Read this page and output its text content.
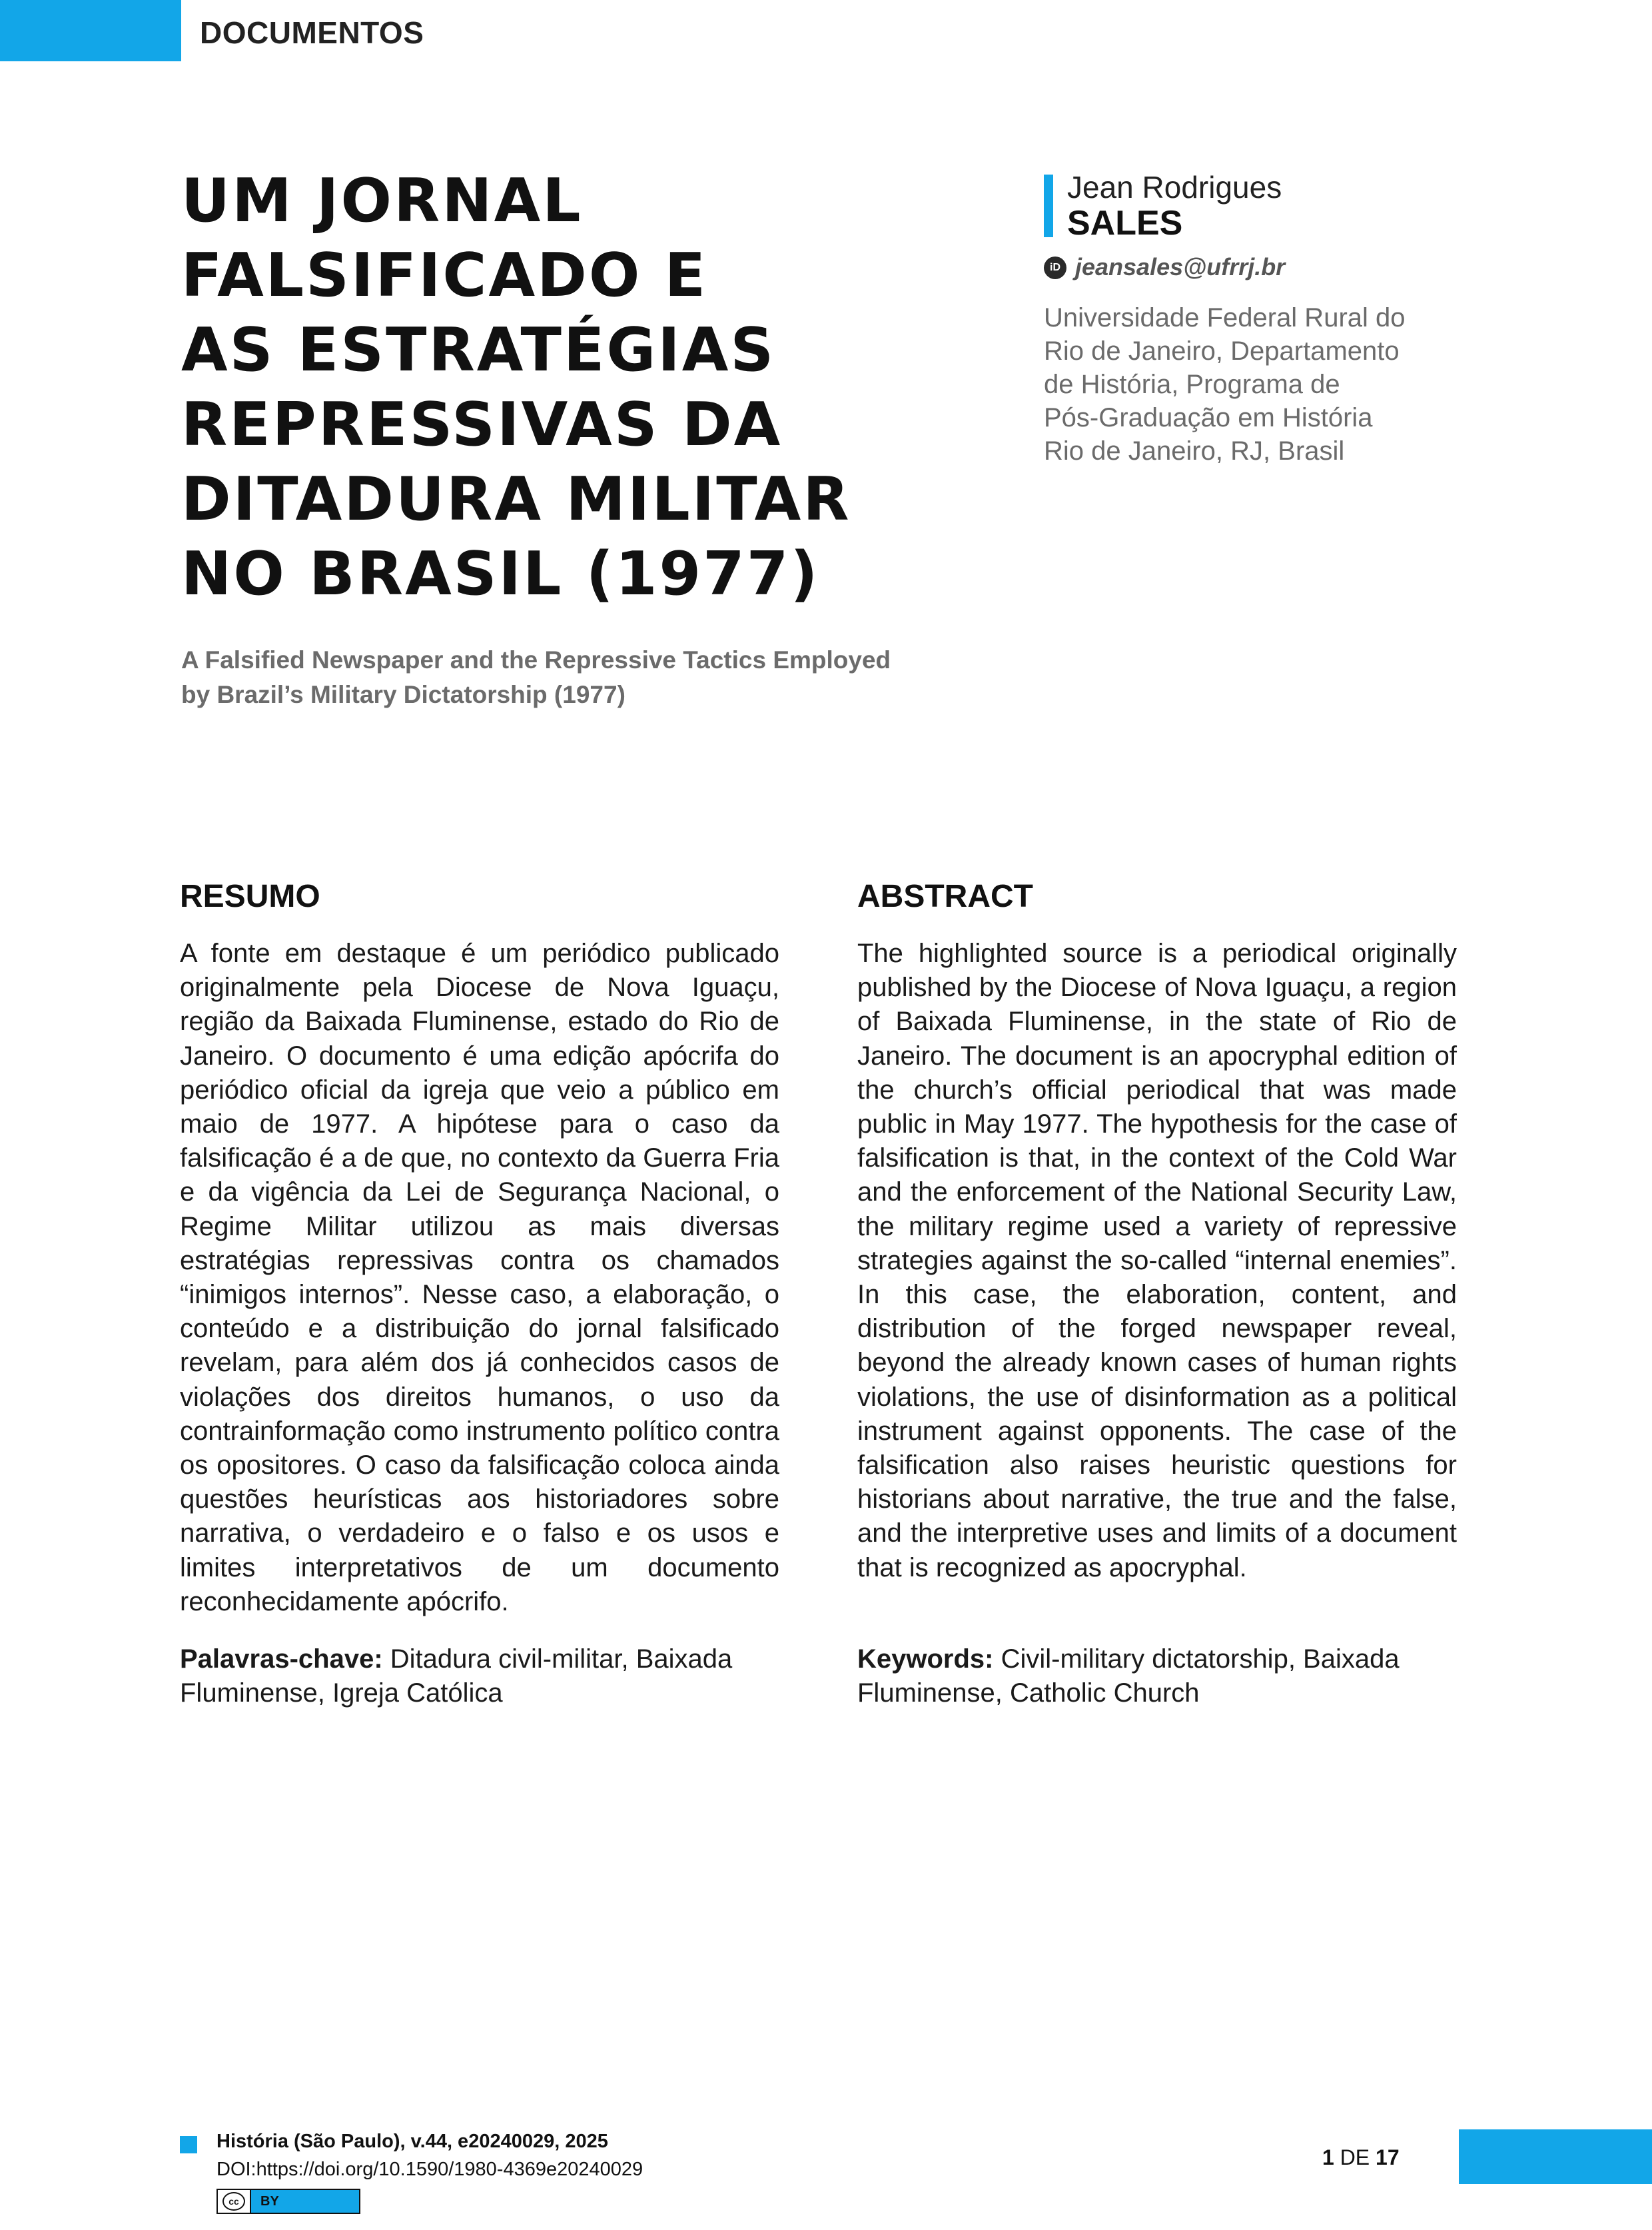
DOCUMENTOS
UM JORNAL
FALSIFICADO E
AS ESTRATÉGIAS
REPRESSIVAS DA
DITADURA MILITAR
NO BRASIL (1977)
A Falsified Newspaper and the Repressive Tactics Employed
by Brazil’s Military Dictatorship (1977)
Jean Rodrigues
SALES
iD jeansales@ufrrj.br
Universidade Federal Rural do
Rio de Janeiro, Departamento
de História, Programa de
Pós-Graduação em História
Rio de Janeiro, RJ, Brasil
RESUMO
A fonte em destaque é um periódico publicado originalmente pela Diocese de Nova Iguaçu, região da Baixada Fluminense, estado do Rio de Janeiro. O documento é uma edição apócrifa do periódico oficial da igreja que veio a público em maio de 1977. A hipótese para o caso da falsificação é a de que, no contexto da Guerra Fria e da vigência da Lei de Segurança Nacional, o Regime Militar utilizou as mais diversas estratégias repressivas contra os chamados “inimigos internos”. Nesse caso, a elaboração, o conteúdo e a distribuição do jornal falsificado revelam, para além dos já conhecidos casos de violações dos direitos humanos, o uso da contrainformação como instrumento político contra os opositores. O caso da falsificação coloca ainda questões heurísticas aos historiadores sobre narrativa, o verdadeiro e o falso e os usos e limites interpretativos de um documento reconhecidamente apócrifo.
Palavras-chave: Ditadura civil-militar, Baixada Fluminense, Igreja Católica
ABSTRACT
The highlighted source is a periodical originally published by the Diocese of Nova Iguaçu, a region of Baixada Fluminense, in the state of Rio de Janeiro. The document is an apocryphal edition of the church’s official periodical that was made public in May 1977. The hypothesis for the case of falsification is that, in the context of the Cold War and the enforcement of the National Security Law, the military regime used a variety of repressive strategies against the so-called “internal enemies”. In this case, the elaboration, content, and distribution of the forged newspaper reveal, beyond the already known cases of human rights violations, the use of disinformation as a political instrument against opponents. The case of the falsification also raises heuristic questions for historians about narrative, the true and the false, and the interpretive uses and limits of a document that is recognized as apocryphal.
Keywords: Civil-military dictatorship, Baixada Fluminense, Catholic Church
História (São Paulo), v.44, e20240029, 2025
DOI:https://doi.org/10.1590/1980-4369e20240029
cc	BY
1 DE 17
